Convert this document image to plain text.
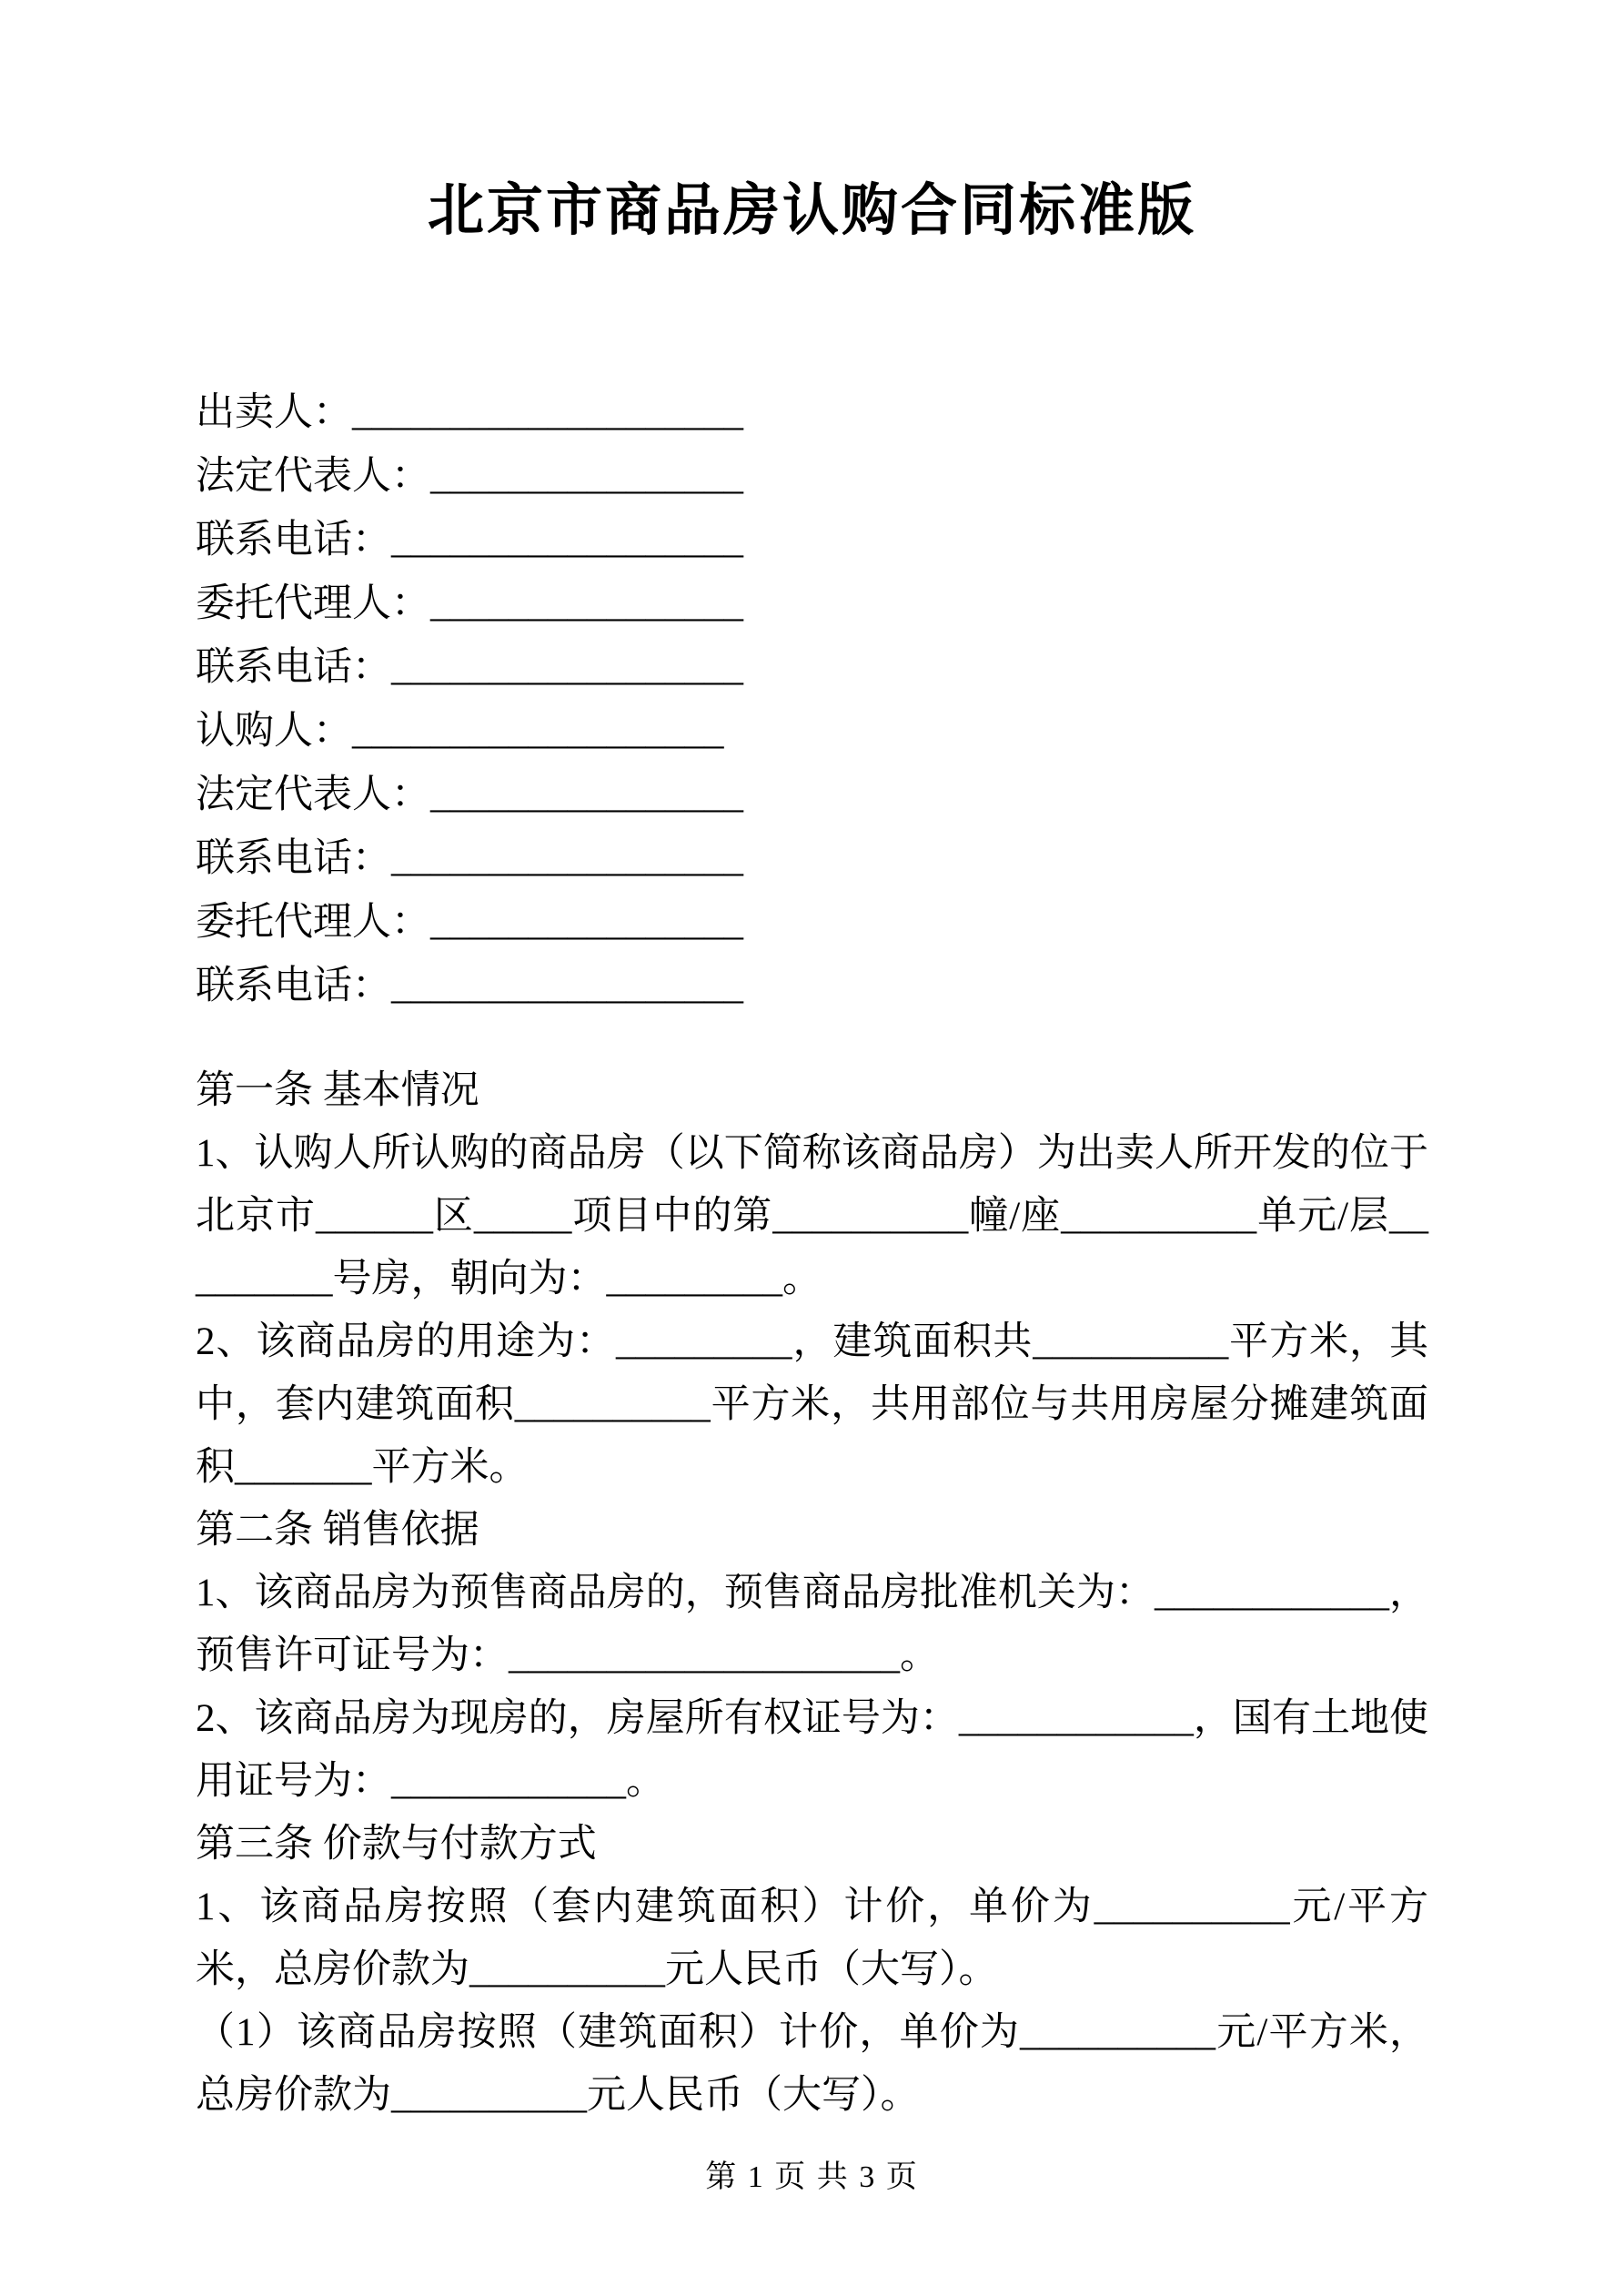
北京市商品房认购合同标准版
出卖人：____________________
法定代表人：________________
联系电话：__________________
委托代理人：________________
联系电话：__________________
认购人：___________________
法定代表人：________________
联系电话：__________________
委托代理人：________________
联系电话：__________________
第一条 基本情况

1、认购人所认购的商品房（以下简称该商品房）为出卖人所开发的位于北京市______区_____项目中的第__________幢/座__________单元/层_________号房，朝向为：_________。

2、该商品房的用途为：_________，建筑面积共__________平方米，其中，套内建筑面积__________平方米，共用部位与共用房屋分摊建筑面积_______平方米。

第二条 销售依据

1、该商品房为预售商品房的，预售商品房批准机关为：____________，预售许可证号为：____________________。

2、该商品房为现房的，房屋所有权证号为：____________，国有土地使用证号为：____________。

第三条 价款与付款方式

1、该商品房按照（套内建筑面积）计价，单价为__________元/平方米，总房价款为__________元人民币（大写）。

（1）该商品房按照（建筑面积）计价，单价为__________元/平方米，总房价款为__________元人民币（大写）。

第 1 页 共 3 页
